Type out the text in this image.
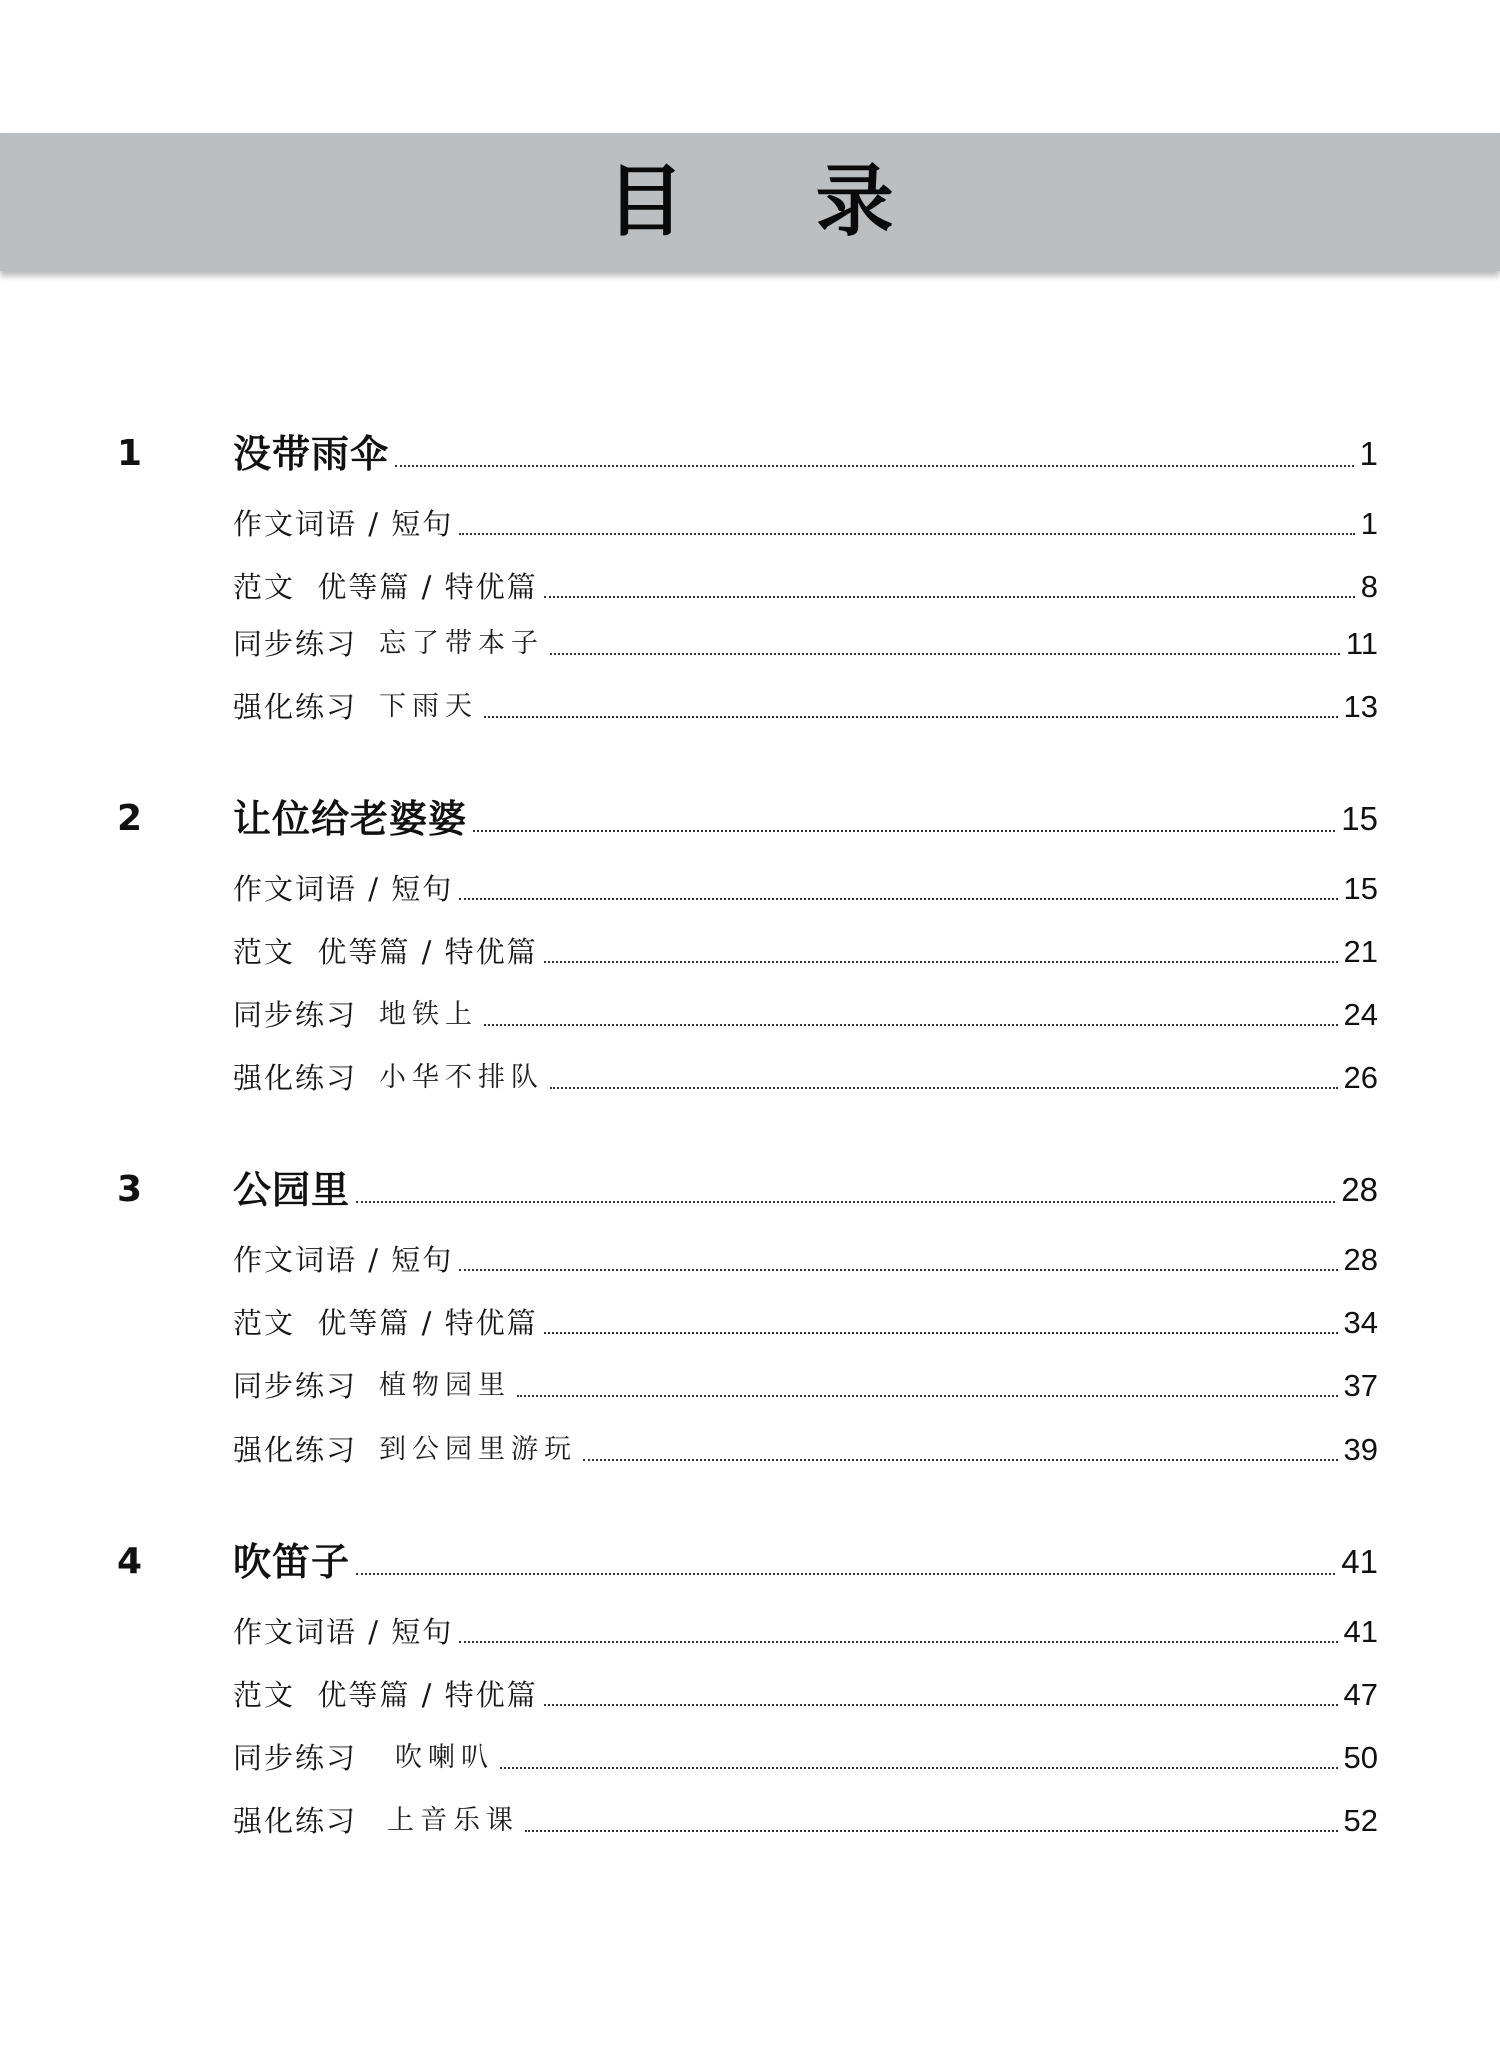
目 录
1 没带雨伞	1
作文词语 / 短句	1
范文  优等篇 / 特优篇	8
同步练习 忘了带本子	11
强化练习 下雨天	13
2 让位给老婆婆	15
作文词语 / 短句	15
范文  优等篇 / 特优篇	21
同步练习 地铁上	24
强化练习 小华不排队	26
3 公园里	28
作文词语 / 短句	28
范文  优等篇 / 特优篇	34
同步练习 植物园里	37
强化练习 到公园里游玩	39
4 吹笛子	41
作文词语 / 短句	41
范文  优等篇 / 特优篇	47
同步练习 吹喇叭	50
强化练习 上音乐课	52
